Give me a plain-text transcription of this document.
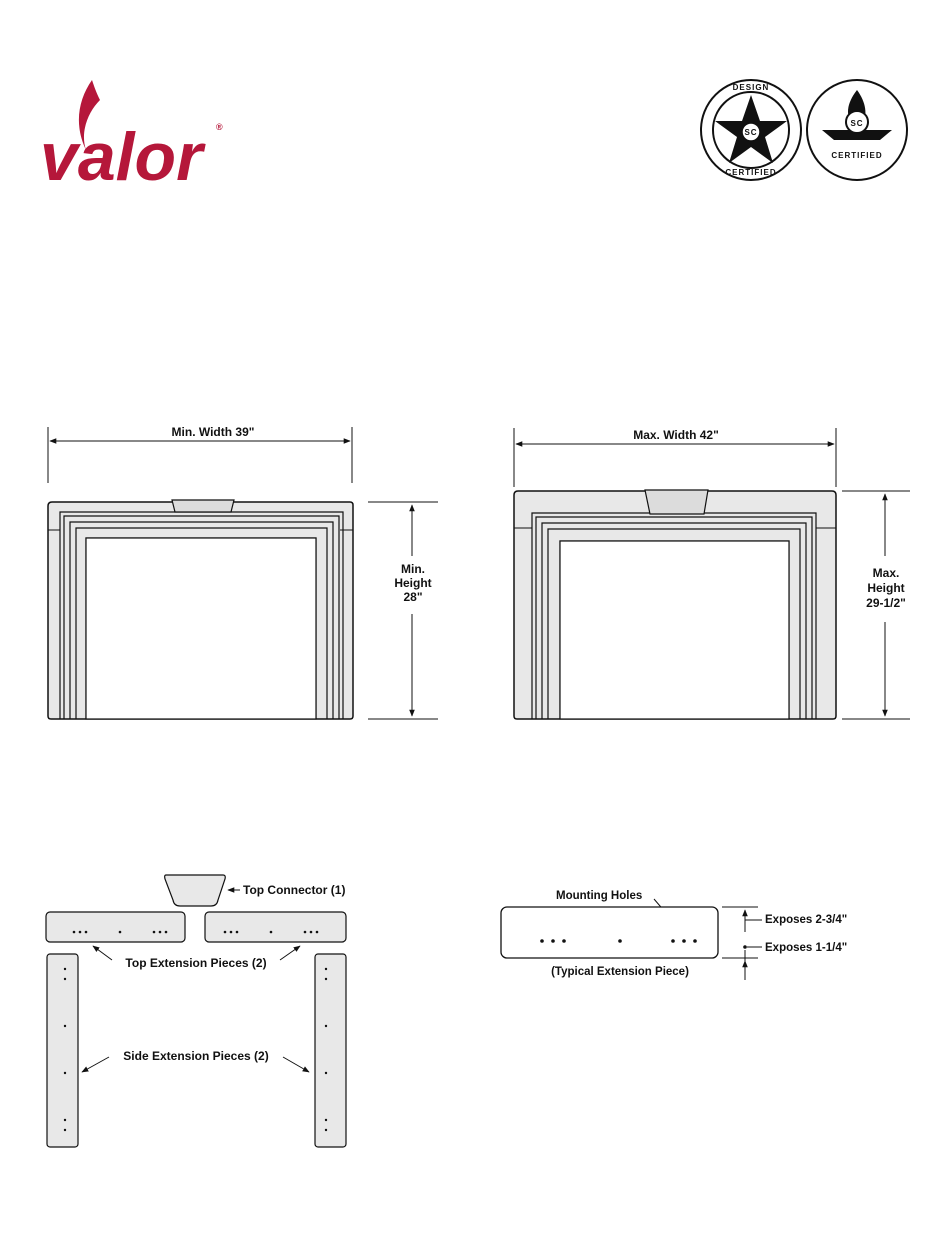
valor	®
SC
DESIGN
CERTIFIED
SC
CERTIFIED
Min. Width 39"
Min.
Height
28"
Max. Width 42"
Max.
Height
29-1/2"
Top Connector (1)
Top Extension Pieces (2)
Side Extension Pieces (2)
Mounting Holes
Exposes 2-3/4"
Exposes 1-1/4"
(Typical Extension Piece)
